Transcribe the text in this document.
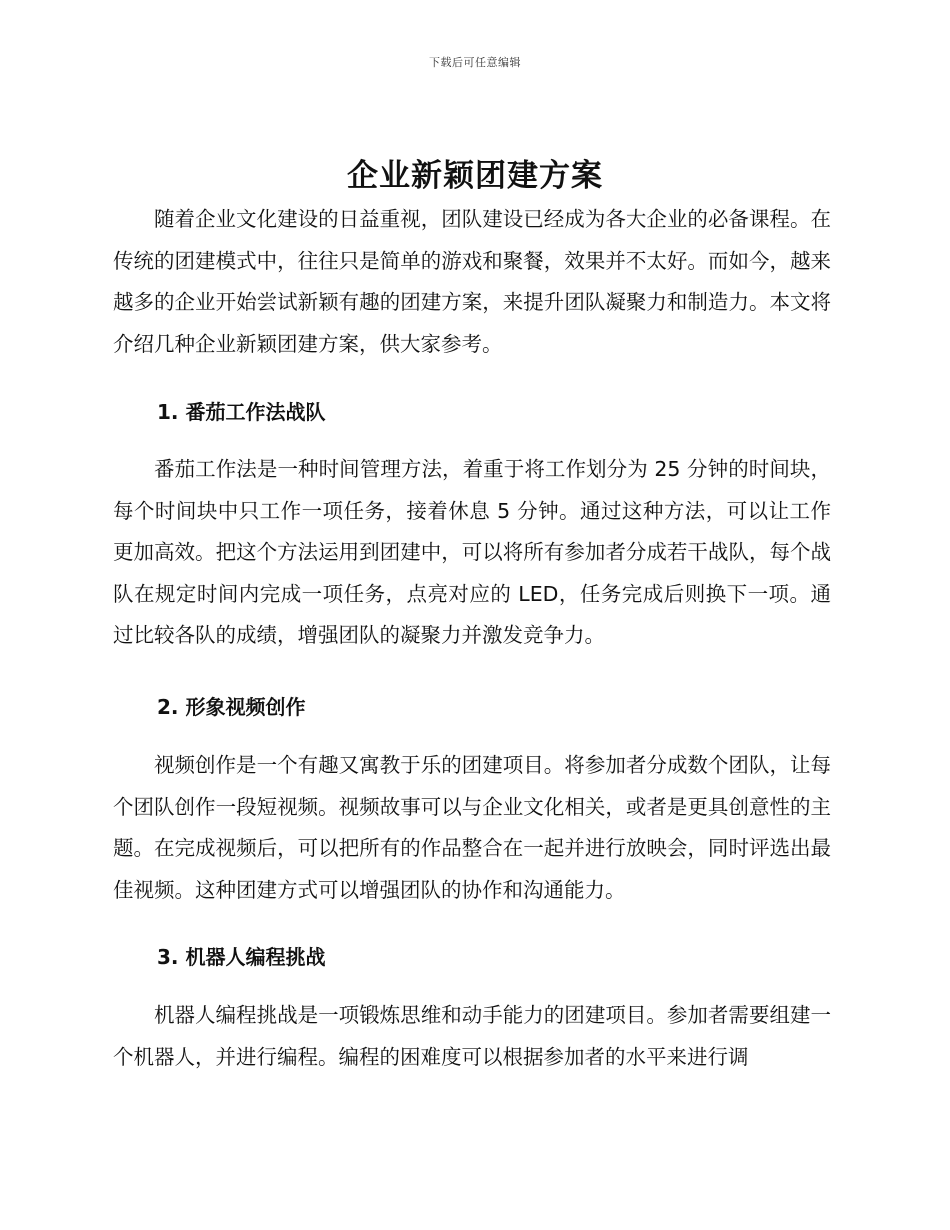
下载后可任意编辑
企业新颖团建方案

随着企业文化建设的日益重视，团队建设已经成为各大企业的必备课程。在传统的团建模式中，往往只是简单的游戏和聚餐，效果并不太好。而如今，越来越多的企业开始尝试新颖有趣的团建方案，来提升团队凝聚力和制造力。本文将介绍几种企业新颖团建方案，供大家参考。

1. 番茄工作法战队

番茄工作法是一种时间管理方法，着重于将工作划分为 25 分钟的时间块，每个时间块中只工作一项任务，接着休息 5 分钟。通过这种方法，可以让工作更加高效。把这个方法运用到团建中，可以将所有参加者分成若干战队，每个战队在规定时间内完成一项任务，点亮对应的 LED，任务完成后则换下一项。通过比较各队的成绩，增强团队的凝聚力并激发竞争力。

2. 形象视频创作

视频创作是一个有趣又寓教于乐的团建项目。将参加者分成数个团队，让每个团队创作一段短视频。视频故事可以与企业文化相关，或者是更具创意性的主题。在完成视频后，可以把所有的作品整合在一起并进行放映会，同时评选出最佳视频。这种团建方式可以增强团队的协作和沟通能力。

3. 机器人编程挑战

机器人编程挑战是一项锻炼思维和动手能力的团建项目。参加者需要组建一个机器人，并进行编程。编程的困难度可以根据参加者的水平来进行调
